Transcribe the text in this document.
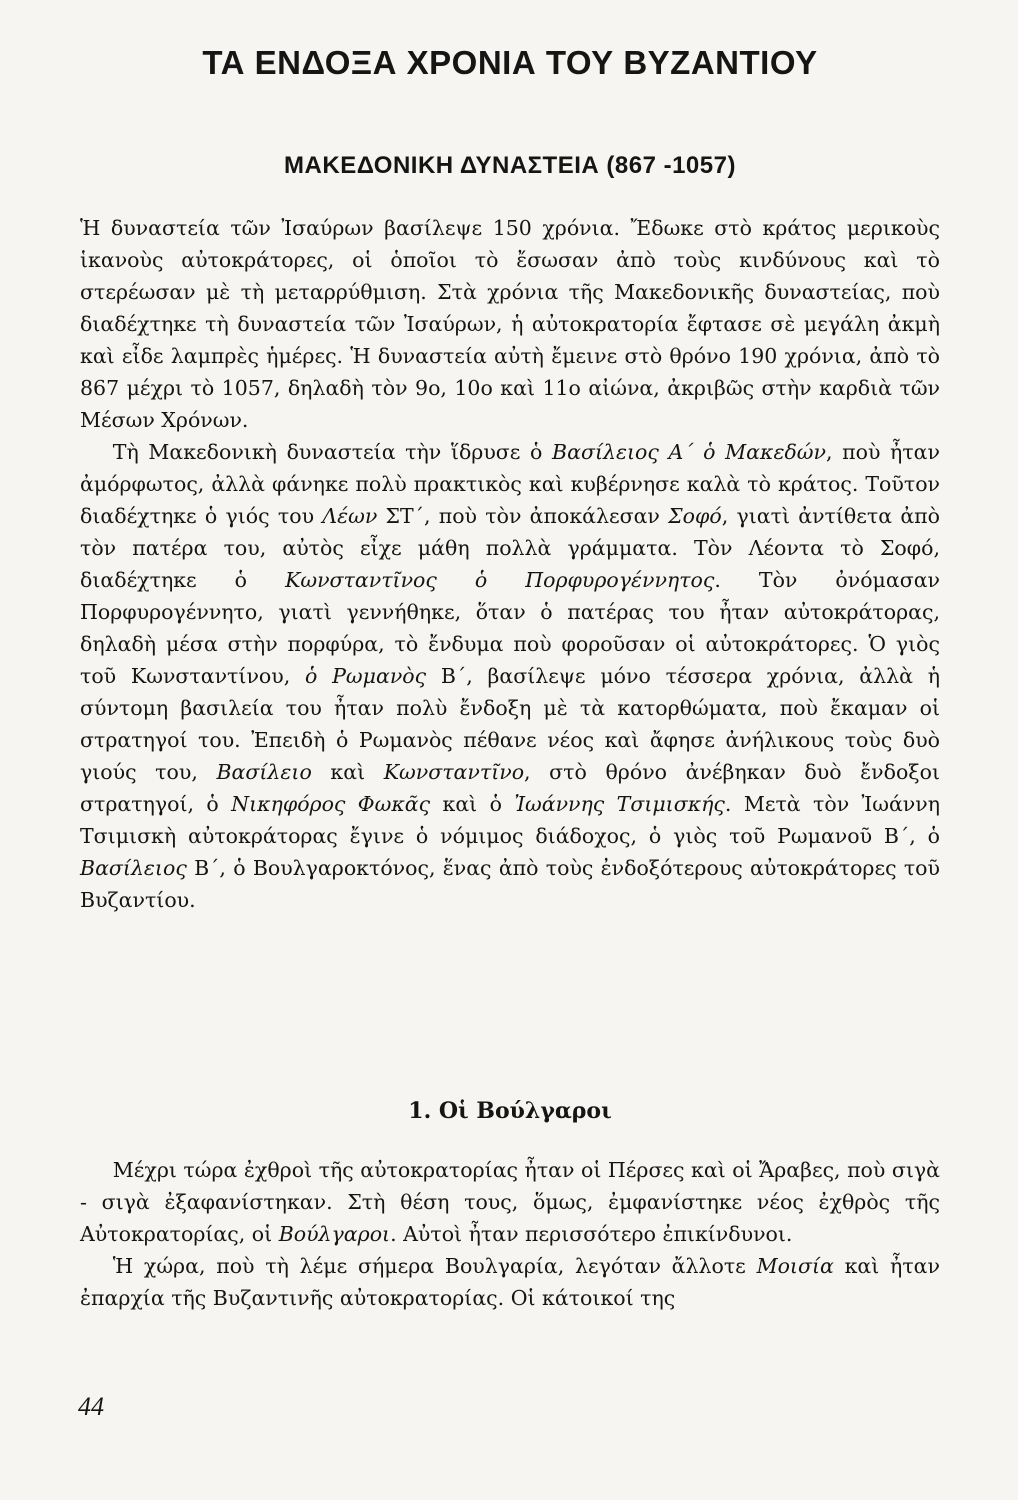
ΤΑ ΕΝΔΟΞΑ ΧΡΟΝΙΑ ΤΟΥ ΒΥΖΑΝΤΙΟΥ
ΜΑΚΕΔΟΝΙΚΗ ΔΥΝΑΣΤΕΙΑ (867 -1057)

Ἡ δυναστεία τῶν Ἰσαύρων βασίλεψε 150 χρόνια. Ἔδωκε στὸ κράτος μερικοὺς ἱκανοὺς αὐτοκράτορες, οἱ ὁποῖοι τὸ ἔσωσαν ἀπὸ τοὺς κινδύνους καὶ τὸ στερέωσαν μὲ τὴ μεταρρύθμιση. Στὰ χρόνια τῆς Μακεδονικῆς δυναστείας, ποὺ διαδέχτηκε τὴ δυναστεία τῶν Ἰσαύρων, ἡ αὐτοκρατορία ἔφτασε σὲ μεγάλη ἀκμὴ καὶ εἶδε λαμπρὲς ἡμέρες. Ἡ δυναστεία αὐτὴ ἔμεινε στὸ θρόνο 190 χρόνια, ἀπὸ τὸ 867 μέχρι τὸ 1057, δηλαδὴ τὸν 9ο, 10ο καὶ 11ο αἰώνα, ἀκριβῶς στὴν καρδιὰ τῶν Μέσων Χρόνων.

Τὴ Μακεδονικὴ δυναστεία τὴν ἵδρυσε ὁ Βασίλειος Α΄ ὁ Μακεδών, ποὺ ἦταν ἀμόρφωτος, ἀλλὰ φάνηκε πολὺ πρακτικὸς καὶ κυβέρνησε καλὰ τὸ κράτος. Τοῦτον διαδέχτηκε ὁ γιός του Λέων ΣΤ΄, ποὺ τὸν ἀποκάλεσαν Σοφό, γιατὶ ἀντίθετα ἀπὸ τὸν πατέρα του, αὐτὸς εἶχε μάθη πολλὰ γράμματα. Τὸν Λέοντα τὸ Σοφό, διαδέχτηκε ὁ Κωνσταντῖνος ὁ Πορφυρογέννητος. Τὸν ὀνόμασαν Πορφυρογέννητο, γιατὶ γεννήθηκε, ὅταν ὁ πατέρας του ἦταν αὐτοκράτορας, δηλαδὴ μέσα στὴν πορφύρα, τὸ ἔνδυμα ποὺ φοροῦσαν οἱ αὐτοκράτορες. Ὁ γιὸς τοῦ Κωνσταντίνου, ὁ Ρωμανὸς Β΄, βασίλεψε μόνο τέσσερα χρόνια, ἀλλὰ ἡ σύντομη βασιλεία του ἦταν πολὺ ἔνδοξη μὲ τὰ κατορθώματα, ποὺ ἔκαμαν οἱ στρατηγοί του. Ἐπειδὴ ὁ Ρωμανὸς πέθανε νέος καὶ ἄφησε ἀνήλικους τοὺς δυὸ γιούς του, Βασίλειο καὶ Κωνσταντῖνο, στὸ θρόνο ἀνέβηκαν δυὸ ἔνδοξοι στρατηγοί, ὁ Νικηφόρος Φωκᾶς καὶ ὁ Ἰωάννης Τσιμισκής. Μετὰ τὸν Ἰωάννη Τσιμισκὴ αὐτοκράτορας ἔγινε ὁ νόμιμος διάδοχος, ὁ γιὸς τοῦ Ρωμανοῦ Β΄, ὁ Βασίλειος Β΄, ὁ Βουλγαροκτόνος, ἕνας ἀπὸ τοὺς ἐνδοξότερους αὐτοκράτορες τοῦ Βυζαντίου.

1. Οἱ Βούλγαροι

Μέχρι τώρα ἐχθροὶ τῆς αὐτοκρατορίας ἦταν οἱ Πέρσες καὶ οἱ Ἄραβες, ποὺ σιγὰ - σιγὰ ἐξαφανίστηκαν. Στὴ θέση τους, ὅμως, ἐμφανίστηκε νέος ἐχθρὸς τῆς Αὐτοκρατορίας, οἱ Βούλγαροι. Αὐτοὶ ἦταν περισσότερο ἐπικίνδυνοι.

Ἡ χώρα, ποὺ τὴ λέμε σήμερα Βουλγαρία, λεγόταν ἄλλοτε Μοισία καὶ ἦταν ἐπαρχία τῆς Βυζαντινῆς αὐτοκρατορίας. Οἱ κάτοικοί της

44
